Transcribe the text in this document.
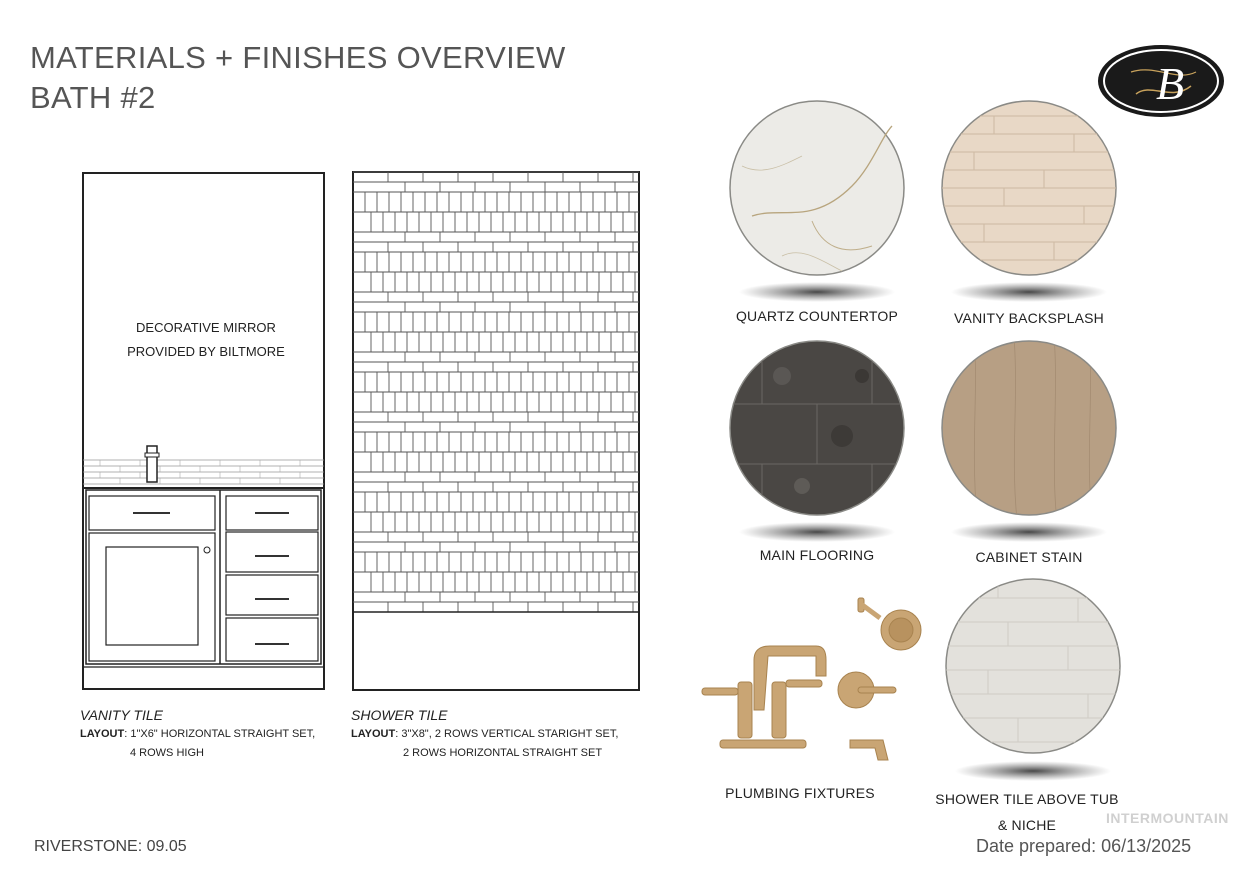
MATERIALS + FINISHES OVERVIEW
BATH #2	B
DECORATIVE MIRROR
PROVIDED BY BILTMORE
VANITY TILE
LAYOUT: 1"X6" HORIZONTAL STRAIGHT SET,
4 ROWS HIGH
SHOWER TILE
LAYOUT: 3"X8", 2 ROWS VERTICAL STARIGHT SET,
2 ROWS HORIZONTAL STRAIGHT SET
QUARTZ COUNTERTOP	VANITY BACKSPLASH
MAIN FLOORING	CABINET STAIN
PLUMBING FIXTURES	SHOWER TILE ABOVE TUB
& NICHE
RIVERSTONE: 09.05
INTERMOUNTAIN
Date prepared: 06/13/2025
